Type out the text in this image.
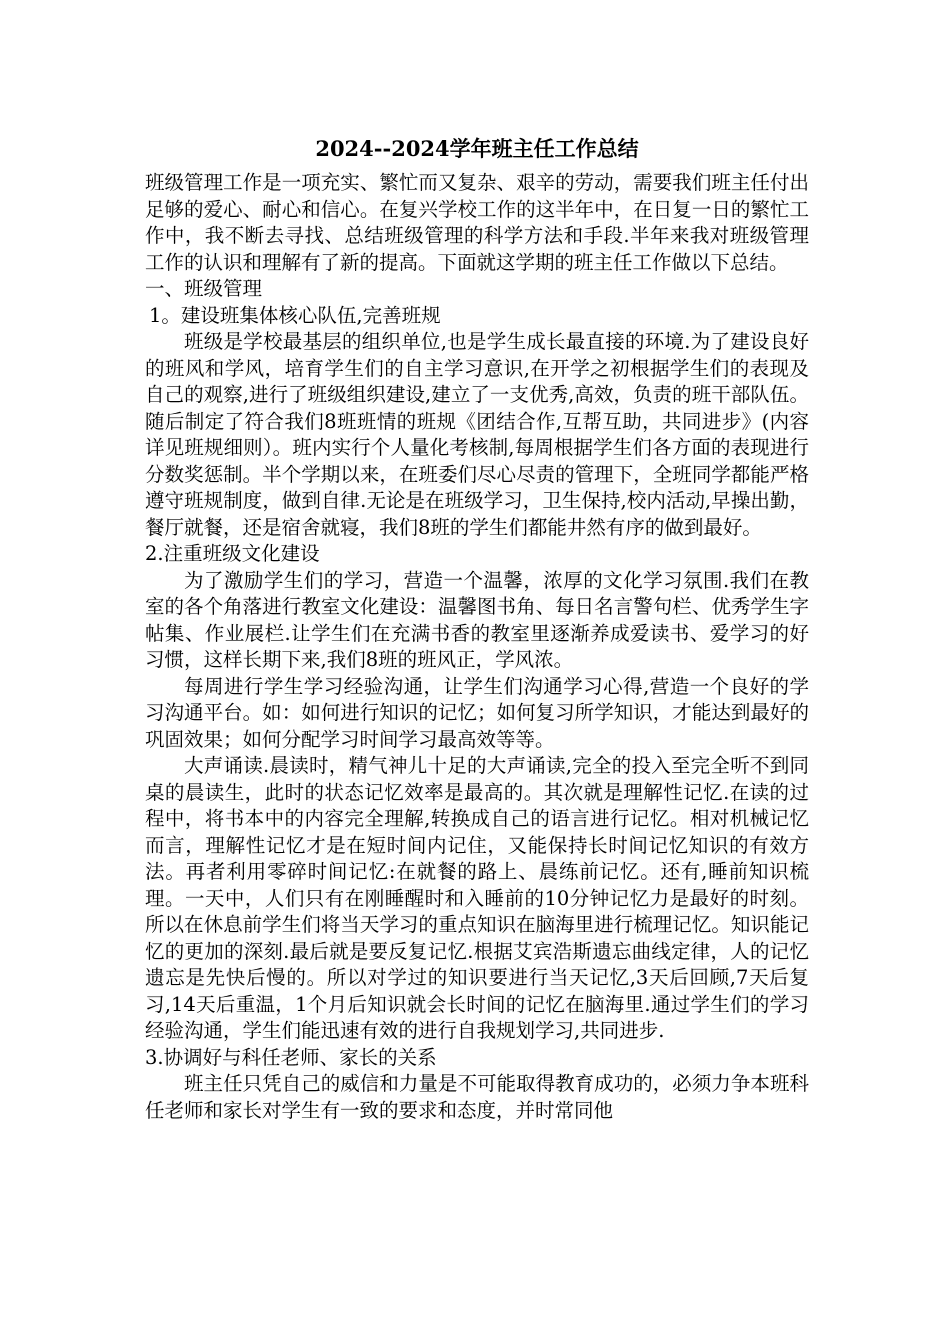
2024--2024学年班主任工作总结

班级管理工作是一项充实、繁忙而又复杂、艰辛的劳动，需要我们班主任付出足够的爱心、耐心和信心。在复兴学校工作的这半年中，在日复一日的繁忙工作中，我不断去寻找、总结班级管理的科学方法和手段.半年来我对班级管理工作的认识和理解有了新的提高。下面就这学期的班主任工作做以下总结。

一、班级管理

1。建设班集体核心队伍,完善班规

班级是学校最基层的组织单位,也是学生成长最直接的环境.为了建设良好的班风和学风，培育学生们的自主学习意识,在开学之初根据学生们的表现及自己的观察,进行了班级组织建设,建立了一支优秀,高效，负责的班干部队伍。随后制定了符合我们8班班情的班规《团结合作,互帮互助，共同进步》(内容详见班规细则）。班内实行个人量化考核制,每周根据学生们各方面的表现进行分数奖惩制。半个学期以来，在班委们尽心尽责的管理下，全班同学都能严格遵守班规制度，做到自律.无论是在班级学习，卫生保持,校内活动,早操出勤，餐厅就餐，还是宿舍就寝，我们8班的学生们都能井然有序的做到最好。

2.注重班级文化建设

为了激励学生们的学习，营造一个温馨，浓厚的文化学习氛围.我们在教室的各个角落进行教室文化建设：温馨图书角、每日名言警句栏、优秀学生字帖集、作业展栏.让学生们在充满书香的教室里逐渐养成爱读书、爱学习的好习惯，这样长期下来,我们8班的班风正，学风浓。

每周进行学生学习经验沟通，让学生们沟通学习心得,营造一个良好的学习沟通平台。如：如何进行知识的记忆；如何复习所学知识，才能达到最好的巩固效果；如何分配学习时间学习最高效等等。

大声诵读.晨读时，精气神儿十足的大声诵读,完全的投入至完全听不到同桌的晨读生，此时的状态记忆效率是最高的。其次就是理解性记忆.在读的过程中，将书本中的内容完全理解,转换成自己的语言进行记忆。相对机械记忆而言，理解性记忆才是在短时间内记住，又能保持长时间记忆知识的有效方法。再者利用零碎时间记忆:在就餐的路上、晨练前记忆。还有,睡前知识梳理。一天中，人们只有在刚睡醒时和入睡前的10分钟记忆力是最好的时刻。所以在休息前学生们将当天学习的重点知识在脑海里进行梳理记忆。知识能记忆的更加的深刻.最后就是要反复记忆.根据艾宾浩斯遗忘曲线定律，人的记忆遗忘是先快后慢的。所以对学过的知识要进行当天记忆,3天后回顾,7天后复习,14天后重温，1个月后知识就会长时间的记忆在脑海里.通过学生们的学习经验沟通，学生们能迅速有效的进行自我规划学习,共同进步.

3.协调好与科任老师、家长的关系

班主任只凭自己的威信和力量是不可能取得教育成功的，必须力争本班科任老师和家长对学生有一致的要求和态度，并时常同他
